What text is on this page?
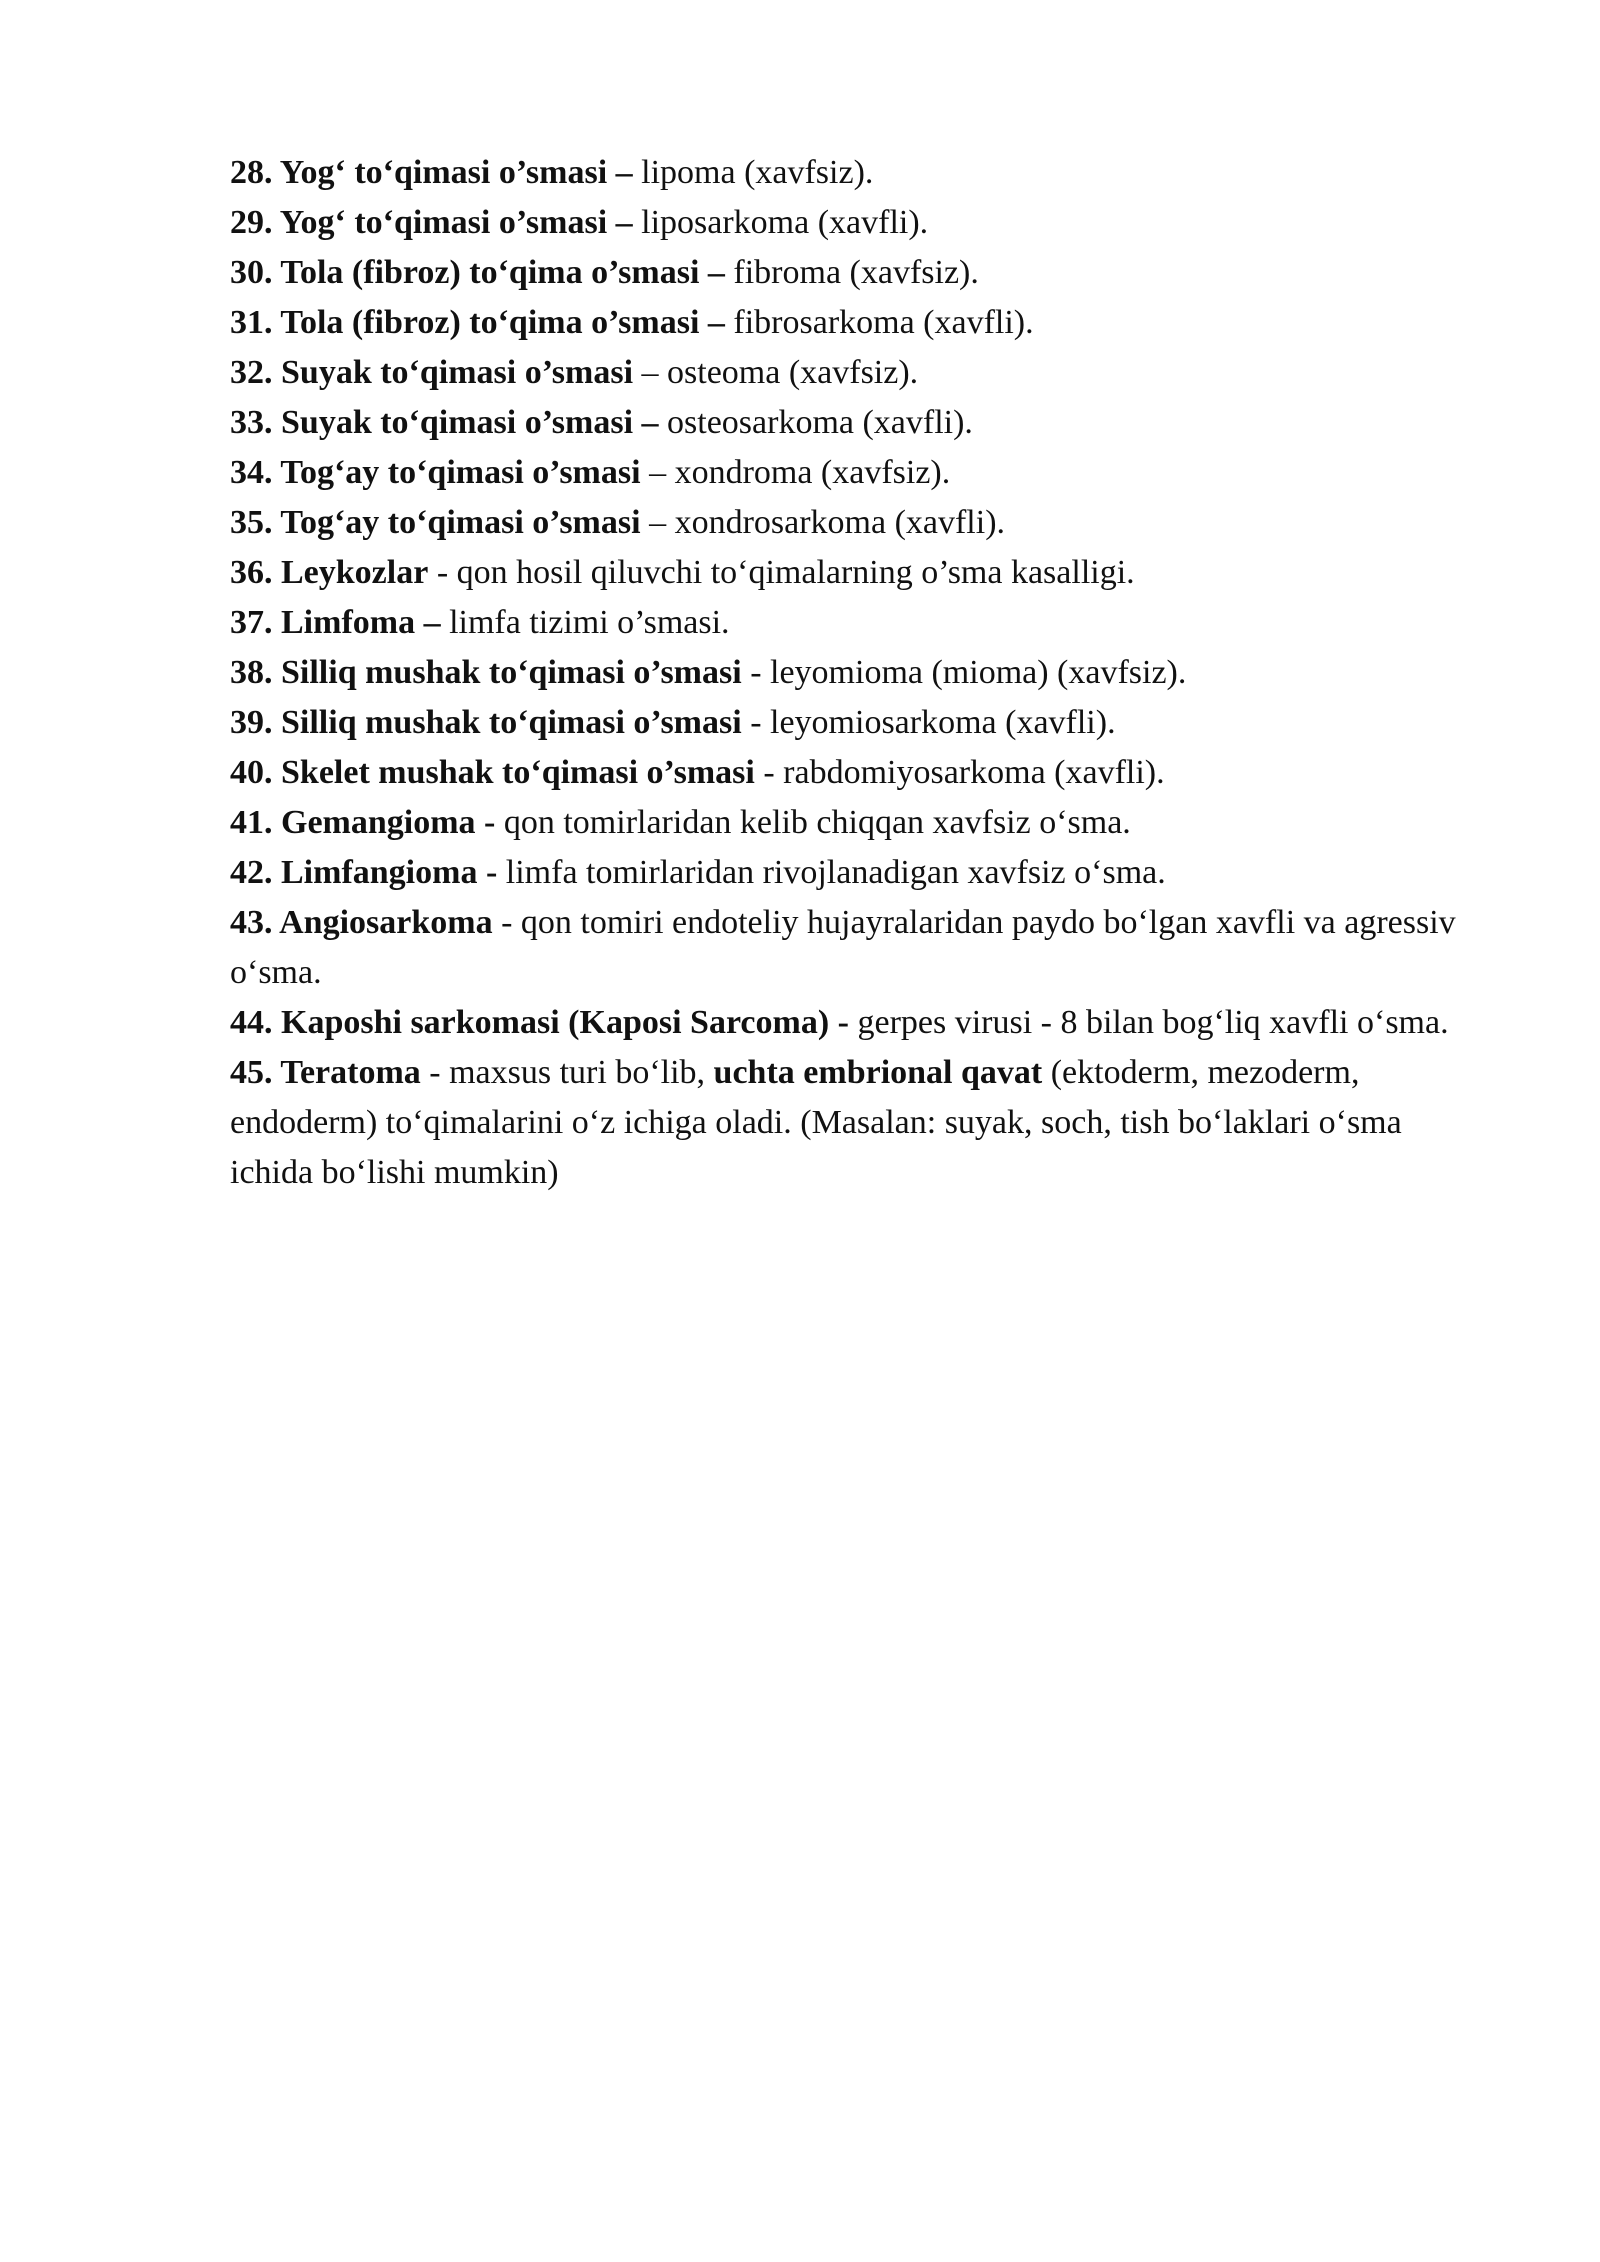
28. Yog‘ to‘qimasi o’smasi – lipoma (xavfsiz).

29. Yog‘ to‘qimasi o’smasi – liposarkoma (xavfli).

30. Tola (fibroz) to‘qima o’smasi – fibroma (xavfsiz).

31. Tola (fibroz) to‘qima o’smasi – fibrosarkoma (xavfli).

32. Suyak to‘qimasi o’smasi – osteoma (xavfsiz).

33. Suyak to‘qimasi o’smasi – osteosarkoma (xavfli).

34. Tog‘ay to‘qimasi o’smasi – xondroma (xavfsiz).

35. Tog‘ay to‘qimasi o’smasi – xondrosarkoma (xavfli).

36. Leykozlar - qon hosil qiluvchi to‘qimalarning o’sma kasalligi.

37. Limfoma – limfa tizimi o’smasi.

38. Silliq mushak to‘qimasi o’smasi - leyomioma (mioma) (xavfsiz).

39. Silliq mushak to‘qimasi o’smasi - leyomiosarkoma (xavfli).

40. Skelet mushak to‘qimasi o’smasi - rabdomiyosarkoma (xavfli).

41. Gemangioma - qon tomirlaridan kelib chiqqan xavfsiz o‘sma.

42. Limfangioma - limfa tomirlaridan rivojlanadigan xavfsiz o‘sma.

43. Angiosarkoma - qon tomiri endoteliy hujayralaridan paydo bo‘lgan xavfli va agressiv o‘sma.

44. Kaposhi sarkomasi (Kaposi Sarcoma) - gerpes virusi - 8 bilan bog‘liq xavfli o‘sma.

45. Teratoma - maxsus turi bo‘lib, uchta embrional qavat (ektoderm, mezoderm, endoderm) to‘qimalarini o‘z ichiga oladi. (Masalan: suyak, soch, tish bo‘laklari o‘sma ichida bo‘lishi mumkin)
